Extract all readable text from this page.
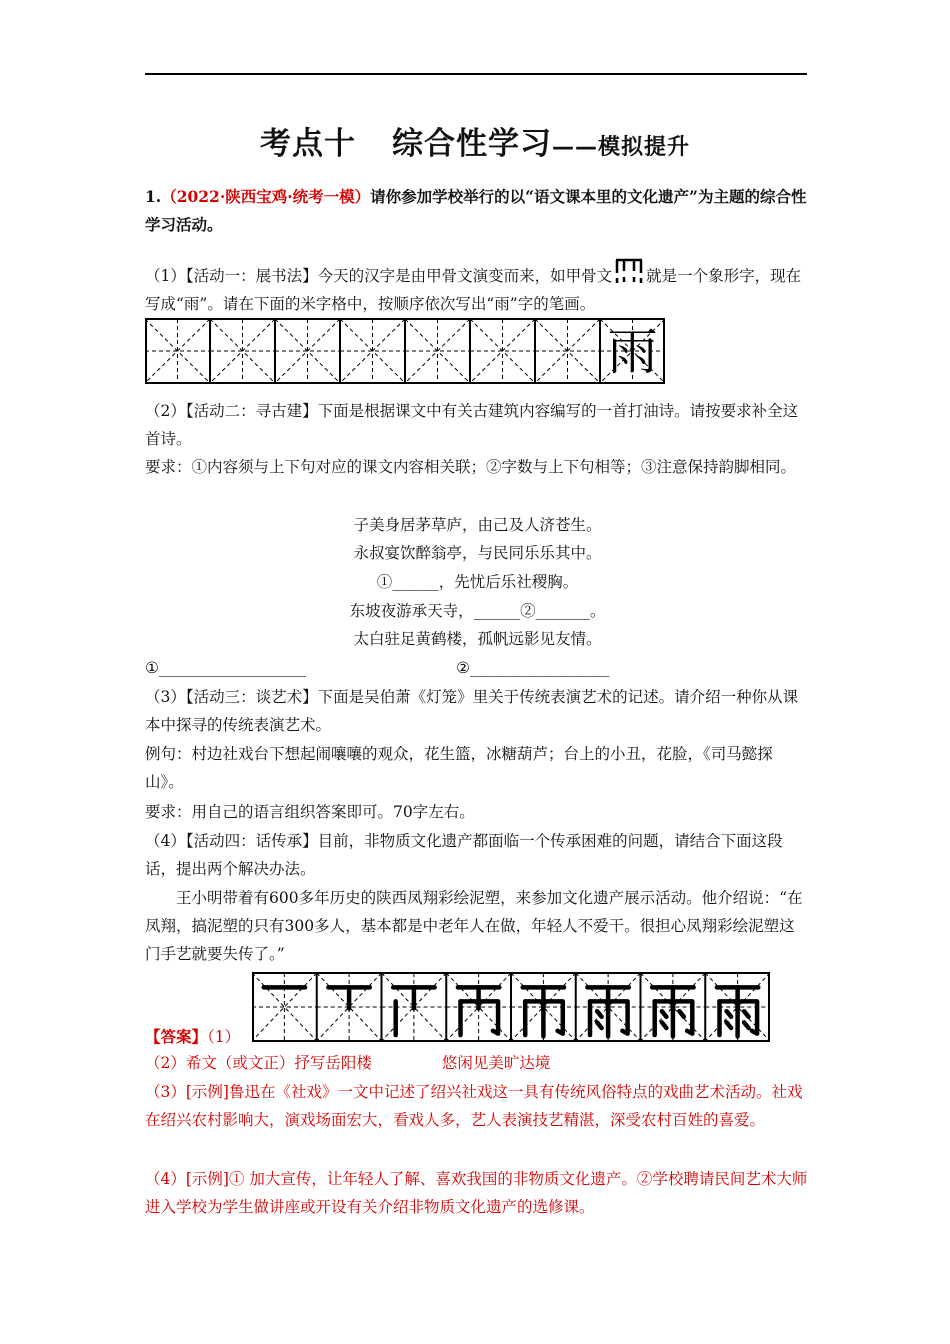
考点十 综合性学习——模拟提升
1.（2022·陕西宝鸡·统考一模）请你参加学校举行的以“语文课本里的文化遗产”为主题的综合性学习活动。
（1）【活动一：展书法】今天的汉字是由甲骨文演变而来，如甲骨文 就是一个象形字，现在写成“雨”。请在下面的米字格中，按顺序依次写出“雨”字的笔画。
雨
（2）【活动二：寻古建】下面是根据课文中有关古建筑内容编写的一首打油诗。请按要求补全这首诗。
要求：①内容须与上下句对应的课文内容相关联；②字数与上下句相等；③注意保持韵脚相同。
子美身居茅草庐，由己及人济苍生。
永叔宴饮醉翁亭，与民同乐乐其中。
①______，先忧后乐社稷胸。
东坡夜游承天寺，______②_______。
太白驻足黄鹤楼，孤帆远影见友情。
①___________________	②__________________
（3）【活动三：谈艺术】下面是吴伯萧《灯笼》里关于传统表演艺术的记述。请介绍一种你从课本中探寻的传统表演艺术。
例句：村边社戏台下想起闹嚷嚷的观众，花生篮，冰糖葫芦；台上的小丑，花脸，《司马懿探山》。
要求：用自己的语言组织答案即可。70字左右。
（4）【活动四：话传承】目前，非物质文化遗产都面临一个传承困难的问题，请结合下面这段话，提出两个解决办法。
王小明带着有600多年历史的陕西凤翔彩绘泥塑，来参加文化遗产展示活动。他介绍说：“在凤翔，搞泥塑的只有300多人，基本都是中老年人在做，年轻人不爱干。很担心凤翔彩绘泥塑这门手艺就要失传了。”
【答案】（1）
（2）希文（或文正）抒写岳阳楼	悠闲见美旷达境
（3）[示例]鲁迅在《社戏》一文中记述了绍兴社戏这一具有传统风俗特点的戏曲艺术活动。社戏在绍兴农村影响大，演戏场面宏大，看戏人多，艺人表演技艺精湛，深受农村百姓的喜爱。
（4）[示例]① 加大宣传，让年轻人了解、喜欢我国的非物质文化遗产。②学校聘请民间艺术大师进入学校为学生做讲座或开设有关介绍非物质文化遗产的选修课。
